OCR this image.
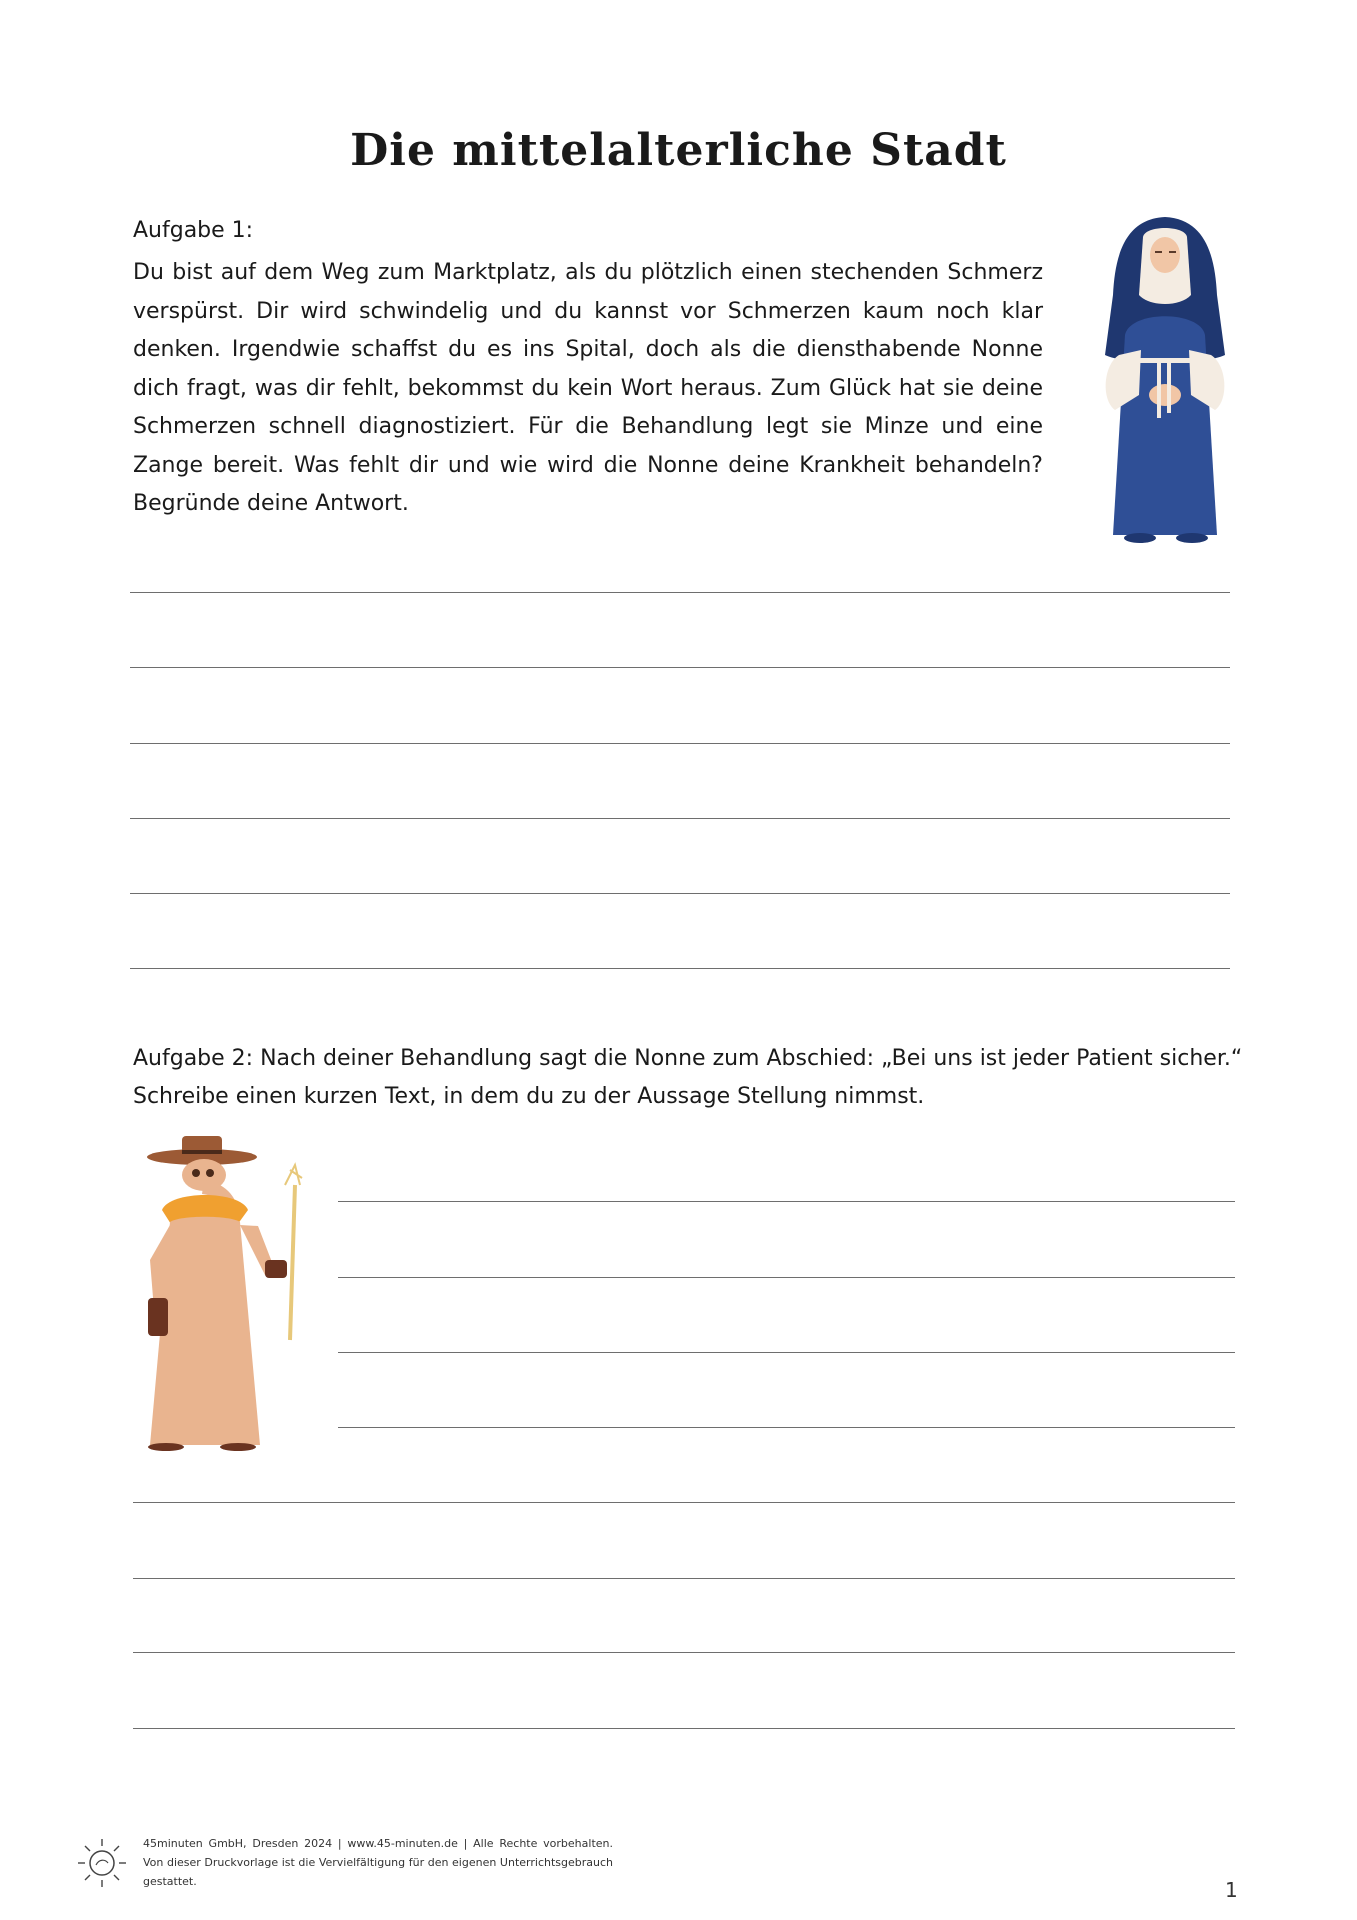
Die mittelalterliche Stadt
Aufgabe 1:
Du bist auf dem Weg zum Marktplatz, als du plötzlich einen stechenden Schmerz verspürst. Dir wird schwindelig und du kannst vor Schmerzen kaum noch klar denken. Irgendwie schaffst du es ins Spital, doch als die diensthabende Nonne dich fragt, was dir fehlt, bekommst du kein Wort heraus. Zum Glück hat sie deine Schmerzen schnell diagnostiziert. Für die Behandlung legt sie Minze und eine Zange bereit. Was fehlt dir und wie wird die Nonne deine Krankheit behandeln? Begründe deine Antwort.
Aufgabe 2: Nach deiner Behandlung sagt die Nonne zum Abschied: „Bei uns ist jeder Patient sicher.“ Schreibe einen kurzen Text, in dem du zu der Aussage Stellung nimmst.
45minuten GmbH, Dresden 2024 | www.45-minuten.de | Alle Rechte vorbehalten. Von dieser Druckvorlage ist die Vervielfältigung für den eigenen Unterrichtsgebrauch gestattet.	1
